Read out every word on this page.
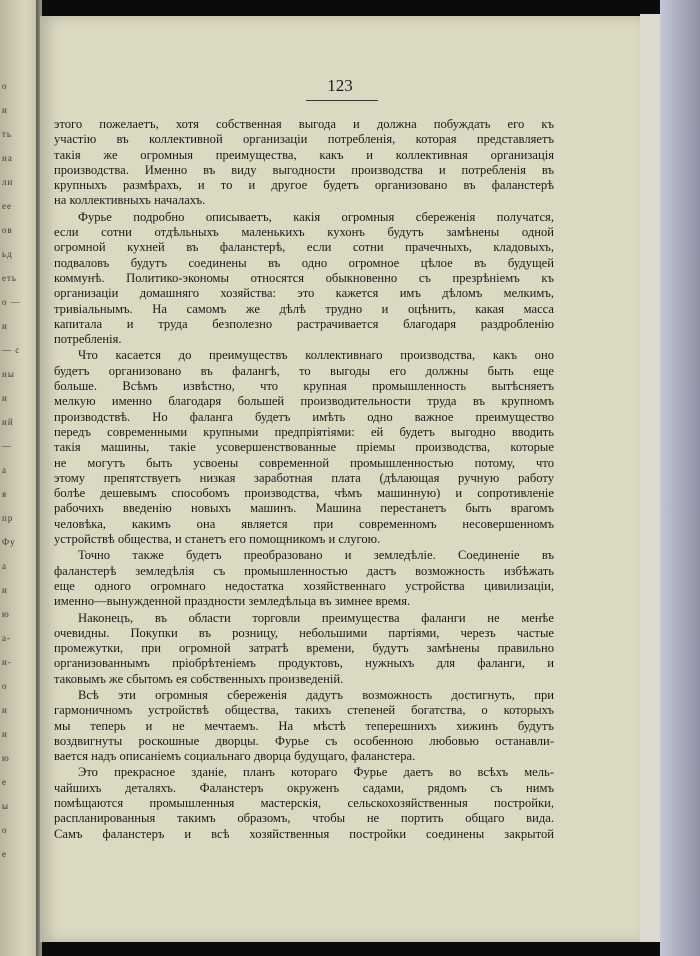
о
и
ть
на
ли
ее
ов
ьд
еть
о —
и
— с
ны
и
ий
—
а
я
пр
Фу
а
и
ю
а-
и-
о
и
и
ю
е
ы
о
е
123
этого пожелаетъ, хотя собственная выгода и должна побуждать его къ
участію въ коллективной организаціи потребленія, которая представляетъ
такія же огромныя преимущества, какъ и коллективная организація
производства. Именно въ виду выгодности производства и потребленія въ
крупныхъ размѣрахъ, и то и другое будетъ организовано въ фаланстерѣ
на коллективныхъ началахъ.
Фурье подробно описываетъ, какія огромныя сбереженія получатся,
если сотни отдѣльныхъ маленькихъ кухонъ будутъ замѣнены одной
огромной кухней въ фаланстерѣ, если сотни прачечныхъ, кладовыхъ,
подваловъ будутъ соединены въ одно огромное цѣлое въ будущей
коммунѣ. Политико-экономы относятся обыкновенно съ презрѣніемъ къ
организаціи домашняго хозяйства: это кажется имъ дѣломъ мелкимъ,
тривіальнымъ. На самомъ же дѣлѣ трудно и оцѣнить, какая масса
капитала и труда безполезно растрачивается благодаря раздробленію
потребленія.
Что касается до преимуществъ коллективнаго производства, какъ оно
будетъ организовано въ фалангѣ, то выгоды его должны быть еще
больше. Всѣмъ извѣстно, что крупная промышленность вытѣсняетъ
мелкую именно благодаря большей производительности труда въ крупномъ
производствѣ. Но фаланга будетъ имѣть одно важное преимущество
передъ современными крупными предпріятіями: ей будетъ выгодно вводить
такія машины, такіе усовершенствованные пріемы производства, которые
не могутъ быть усвоены современной промышленностью потому, что
этому препятствуетъ низкая заработная плата (дѣлающая ручную работу
болѣе дешевымъ способомъ производства, чѣмъ машинную) и сопротивленіе
рабочихъ введенію новыхъ машинъ. Машина перестанетъ быть врагомъ
человѣка, какимъ она является при современномъ несовершенномъ
устройствѣ общества, и станетъ его помощникомъ и слугою.
Точно также будетъ преобразовано и земледѣліе. Соединеніе въ
фаланстерѣ земледѣлія съ промышленностью дастъ возможность избѣжать
еще одного огромнаго недостатка хозяйственнаго устройства цивилизаціи,
именно—вынужденной праздности земледѣльца въ зимнее время.
Наконецъ, въ области торговли преимущества фаланги не менѣе
очевидны. Покупки въ розницу, небольшими партіями, черезъ частые
промежутки, при огромной затратѣ времени, будутъ замѣнены правильно
организованнымъ пріобрѣтеніемъ продуктовъ, нужныхъ для фаланги, и
таковымъ же сбытомъ ея собственныхъ произведеній.
Всѣ эти огромныя сбереженія дадутъ возможность достигнуть, при
гармоничномъ устройствѣ общества, такихъ степеней богатства, о которыхъ
мы теперь и не мечтаемъ. На мѣстѣ теперешнихъ хижинъ будутъ
воздвигнуты роскошные дворцы. Фурье съ особенною любовью останавли-
вается надъ описаніемъ социальнаго дворца будущаго, фаланстера.
Это прекрасное зданіе, планъ котораго Фурье даетъ во всѣхъ мель-
чайшихъ деталяхъ. Фаланстеръ окруженъ садами, рядомъ съ нимъ
помѣщаются промышленныя мастерскія, сельскохозяйственныя постройки,
распланированныя такимъ образомъ, чтобы не портить общаго вида.
Самъ фаланстеръ и всѣ хозяйственныя постройки соединены закрытой
